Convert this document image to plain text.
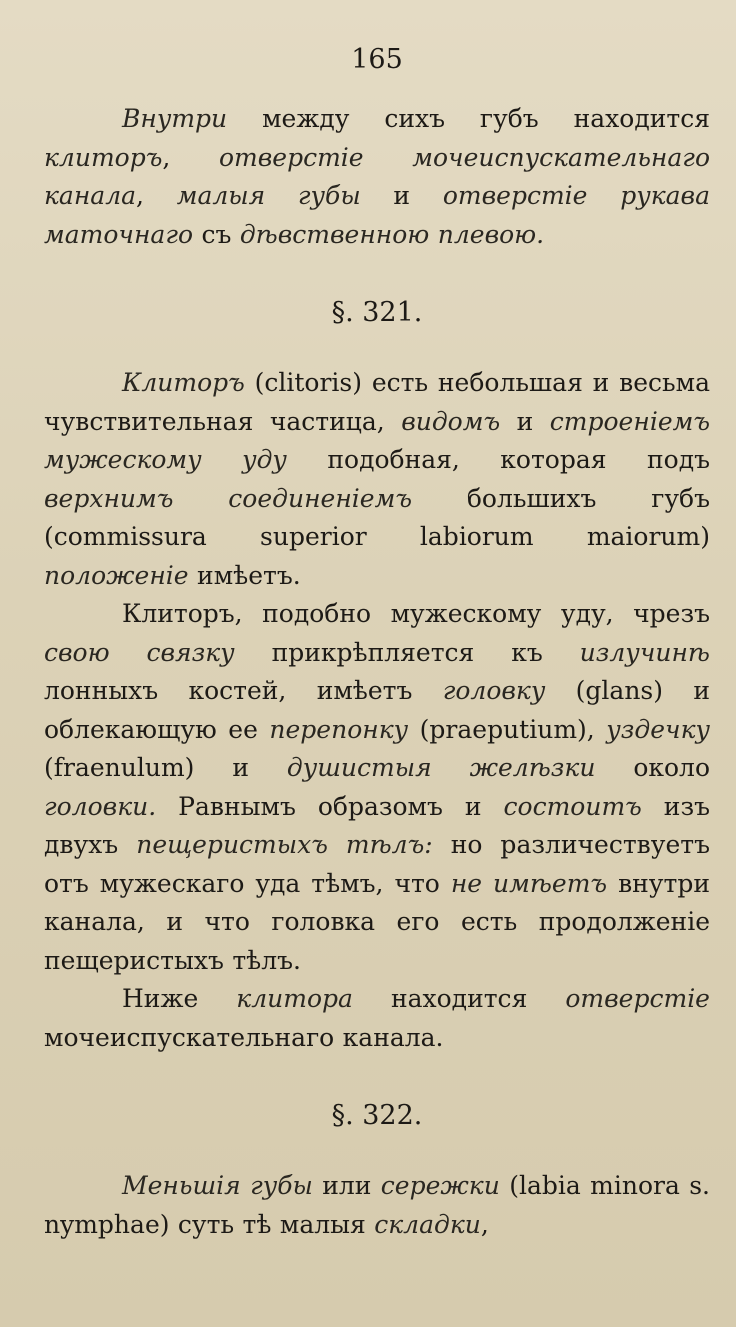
165

Внутри между сихъ губъ находится клиторъ, отверстіе мочеиспускательнаго канала, малыя губы и отверстіе рукава маточнаго съ дѣвственною плевою.

§. 321.

Клиторъ (clitoris) есть небольшая и весьма чувствительная частица, видомъ и строеніемъ мужескому уду подобная, которая подъ верхнимъ соединеніемъ большихъ губъ (commissura superior labiorum maiorum) положеніе имѣетъ.

Клиторъ, подобно мужескому уду, чрезъ свою связку прикрѣпляется къ излучинѣ лонныхъ костей, имѣетъ головку (glans) и облекающую ее перепонку (praeputium), уздечку (fraenulum) и душистыя желѣзки около головки. Равнымъ образомъ и состоитъ изъ двухъ пещеристыхъ тѣлъ: но различествуетъ отъ мужескаго уда тѣмъ, что не имѣетъ внутри канала, и что головка его есть продолженіе пещеристыхъ тѣлъ.

Ниже клитора находится отверстіе мочеиспускательнаго канала.

§. 322.

Меньшія губы или сережки (labia minora s. nymphae) суть тѣ малыя складки,
